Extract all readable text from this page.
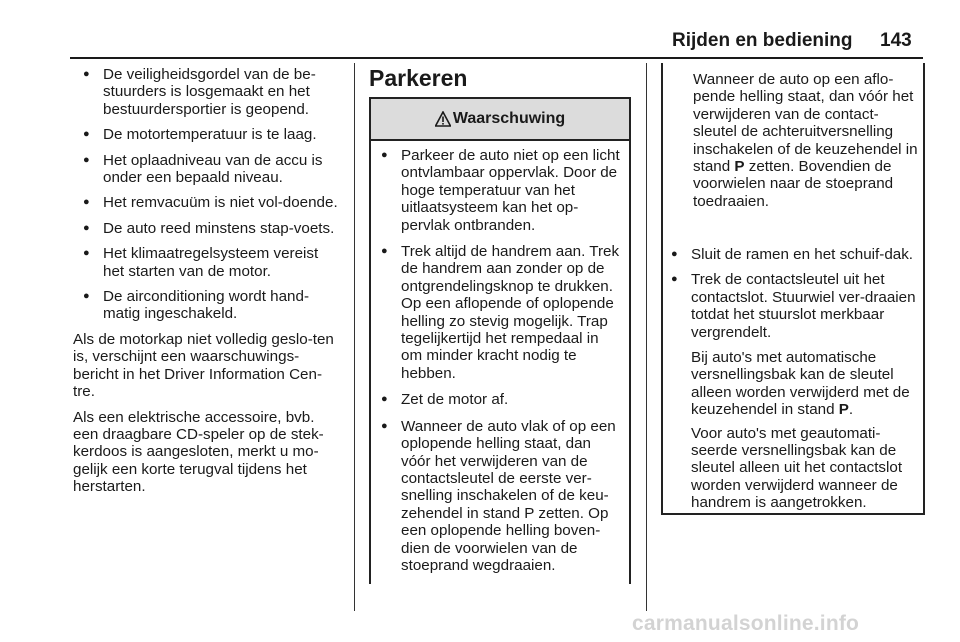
Rijden en bediening 143
● De veiligheidsgordel van de be-stuurders is losgemaakt en het bestuurdersportier is geopend.
● De motortemperatuur is te laag.
● Het oplaadniveau van de accu is onder een bepaald niveau.
● Het remvacuüm is niet vol-doende.
● De auto reed minstens stap-voets.
● Het klimaatregelsysteem vereist het starten van de motor.
● De airconditioning wordt hand-matig ingeschakeld.
Als de motorkap niet volledig geslo-ten is, verschijnt een waarschuwings-bericht in het Driver Information Cen-tre.
Als een elektrische accessoire, bvb. een draagbare CD-speler op de stek-kerdoos is aangesloten, merkt u mo-gelijk een korte terugval tijdens het herstarten.
Parkeren
Waarschuwing
● Parkeer de auto niet op een licht ontvlambaar oppervlak. Door de hoge temperatuur van het uitlaatsysteem kan het op-pervlak ontbranden.
● Trek altijd de handrem aan. Trek de handrem aan zonder op de ontgrendelingsknop te drukken. Op een aflopende of oplopende helling zo stevig mogelijk. Trap tegelijkertijd het rempedaal in om minder kracht nodig te hebben.
● Zet de motor af.
● Wanneer de auto vlak of op een oplopende helling staat, dan vóór het verwijderen van de contactsleutel de eerste ver-snelling inschakelen of de keu-zehendel in stand P zetten. Op een oplopende helling boven-dien de voorwielen van de stoeprand wegdraaien.
Wanneer de auto op een aflo-pende helling staat, dan vóór het verwijderen van de contact-sleutel de achteruitversnelling inschakelen of de keuzehendel in stand P zetten. Bovendien de voorwielen naar de stoeprand toedraaien.
● Sluit de ramen en het schuif-dak.
● Trek de contactsleutel uit het contactslot. Stuurwiel ver-draaien totdat het stuurslot merkbaar vergrendelt.
Bij auto's met automatische versnellingsbak kan de sleutel alleen worden verwijderd met de keuzehendel in stand P.
Voor auto's met geautomati-seerde versnellingsbak kan de sleutel alleen uit het contactslot worden verwijderd wanneer de handrem is aangetrokken.
carmanualsonline.info
